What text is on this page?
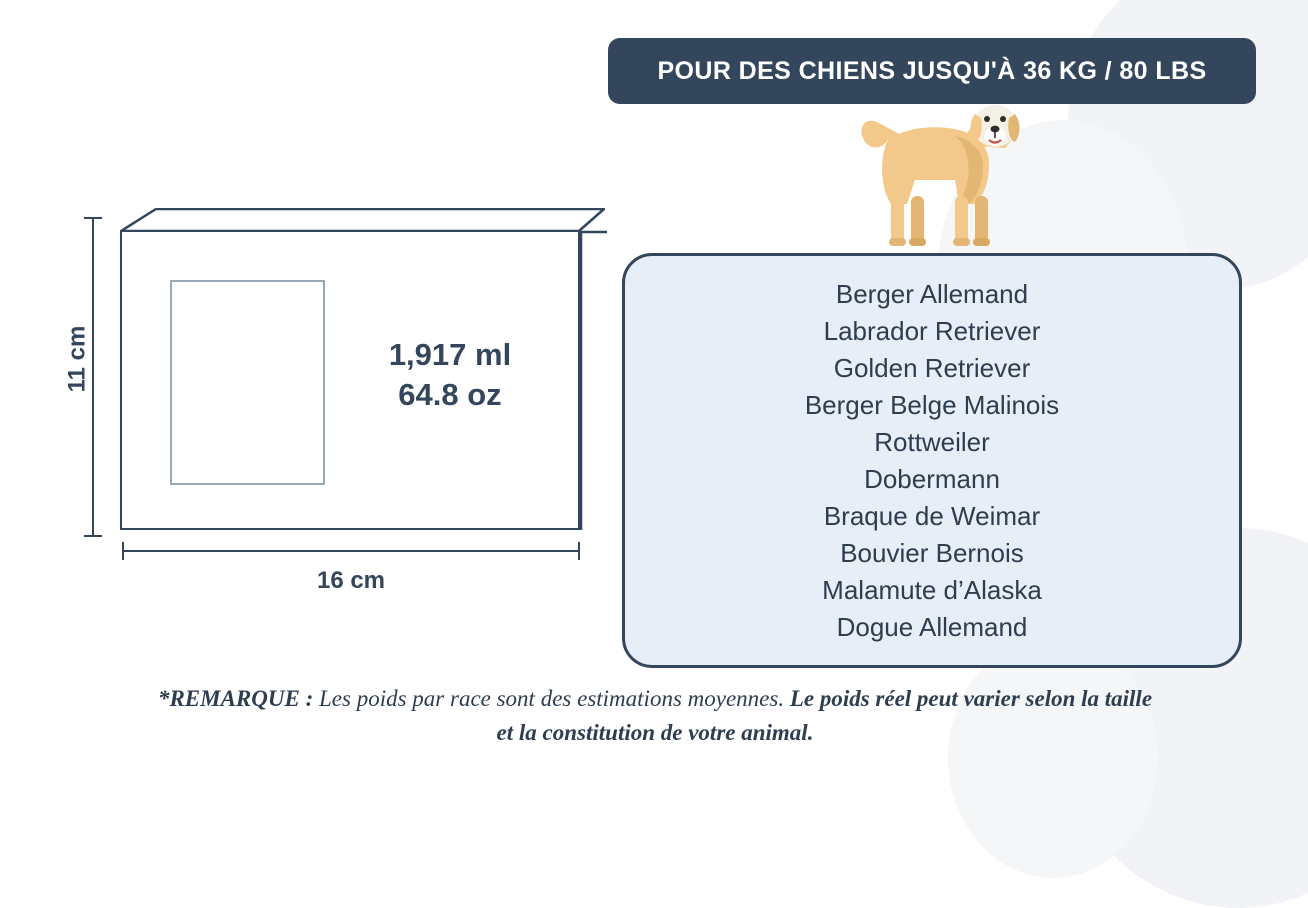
POUR DES CHIENS JUSQU'À 36 KG / 80 LBS
11 cm	1,917 ml
64.8 oz
16 cm
Berger Allemand
Labrador Retriever
Golden Retriever
Berger Belge Malinois
Rottweiler
Dobermann
Braque de Weimar
Bouvier Bernois
Malamute d’Alaska
Dogue Allemand
*REMARQUE : Les poids par race sont des estimations moyennes. Le poids réel peut varier selon la taille et la constitution de votre animal.
